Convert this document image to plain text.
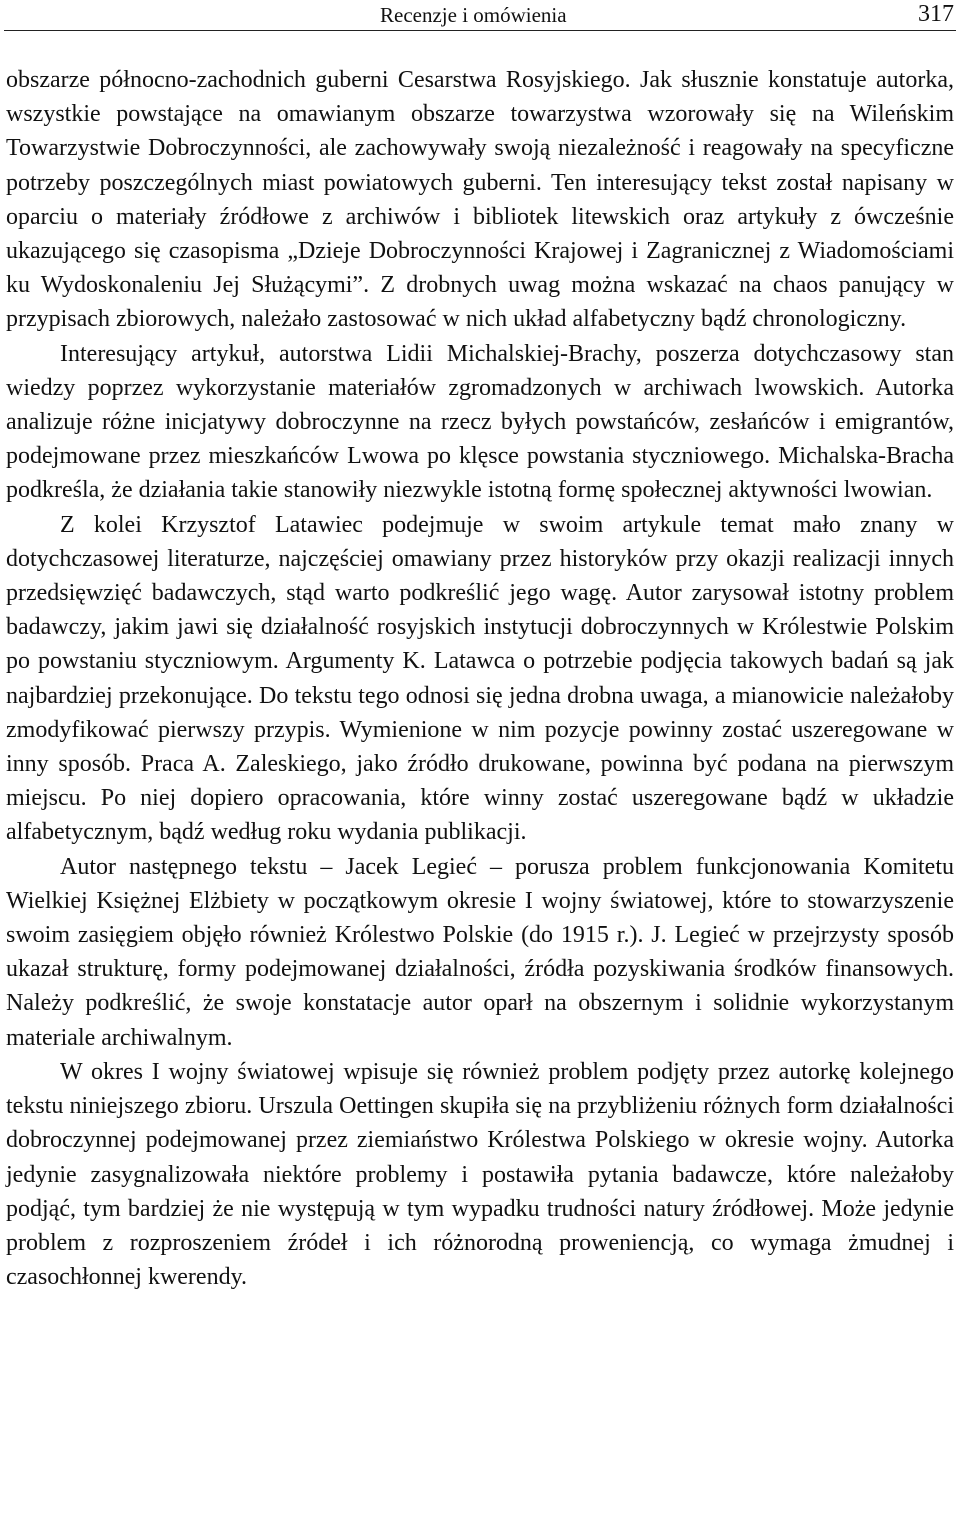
Recenzje i omówienia	317

obszarze północno-zachodnich guberni Cesarstwa Rosyjskiego. Jak słusznie konstatuje autorka, wszystkie powstające na omawianym obszarze towarzystwa wzorowały się na Wileńskim Towarzystwie Dobroczynności, ale zachowywały swoją niezależność i reagowały na specyficzne potrzeby poszczególnych miast powiatowych guberni. Ten interesujący tekst został napisany w oparciu o materiały źródłowe z archiwów i bibliotek litewskich oraz artykuły z ówcześnie ukazującego się czasopisma „Dzieje Dobroczynności Krajowej i Zagranicznej z Wiadomościami ku Wydoskonaleniu Jej Służącymi”. Z drobnych uwag można wskazać na chaos panujący w przypisach zbiorowych, należało zastosować w nich układ alfabetyczny bądź chronologiczny.

Interesujący artykuł, autorstwa Lidii Michalskiej-Brachy, poszerza dotychczasowy stan wiedzy poprzez wykorzystanie materiałów zgromadzonych w archiwach lwowskich. Autorka analizuje różne inicjatywy dobroczynne na rzecz byłych powstańców, zesłańców i emigrantów, podejmowane przez mieszkańców Lwowa po klęsce powstania styczniowego. Michalska-Bracha podkreśla, że działania takie stanowiły niezwykle istotną formę społecznej aktywności lwowian.

Z kolei Krzysztof Latawiec podejmuje w swoim artykule temat mało znany w dotychczasowej literaturze, najczęściej omawiany przez historyków przy okazji realizacji innych przedsięwzięć badawczych, stąd warto podkreślić jego wagę. Autor zarysował istotny problem badawczy, jakim jawi się działalność rosyjskich instytucji dobroczynnych w Królestwie Polskim po powstaniu styczniowym. Argumenty K. Latawca o potrzebie podjęcia takowych badań są jak najbardziej przekonujące. Do tekstu tego odnosi się jedna drobna uwaga, a mianowicie należałoby zmodyfikować pierwszy przypis. Wymienione w nim pozycje powinny zostać uszeregowane w inny sposób. Praca A. Zaleskiego, jako źródło drukowane, powinna być podana na pierwszym miejscu. Po niej dopiero opracowania, które winny zostać uszeregowane bądź w układzie alfabetycznym, bądź według roku wydania publikacji.

Autor następnego tekstu – Jacek Legieć – porusza problem funkcjonowania Komitetu Wielkiej Księżnej Elżbiety w początkowym okresie I wojny światowej, które to stowarzyszenie swoim zasięgiem objęło również Królestwo Polskie (do 1915 r.). J. Legieć w przejrzysty sposób ukazał strukturę, formy podejmowanej działalności, źródła pozyskiwania środków finansowych. Należy podkreślić, że swoje konstatacje autor oparł na obszernym i solidnie wykorzystanym materiale archiwalnym.

W okres I wojny światowej wpisuje się również problem podjęty przez autorkę kolejnego tekstu niniejszego zbioru. Urszula Oettingen skupiła się na przybliżeniu różnych form działalności dobroczynnej podejmowanej przez ziemiaństwo Królestwa Polskiego w okresie wojny. Autorka jedynie zasygnalizowała niektóre problemy i postawiła pytania badawcze, które należałoby podjąć, tym bardziej że nie występują w tym wypadku trudności natury źródłowej. Może jedynie problem z rozproszeniem źródeł i ich różnorodną proweniencją, co wymaga żmudnej i czasochłonnej kwerendy.
